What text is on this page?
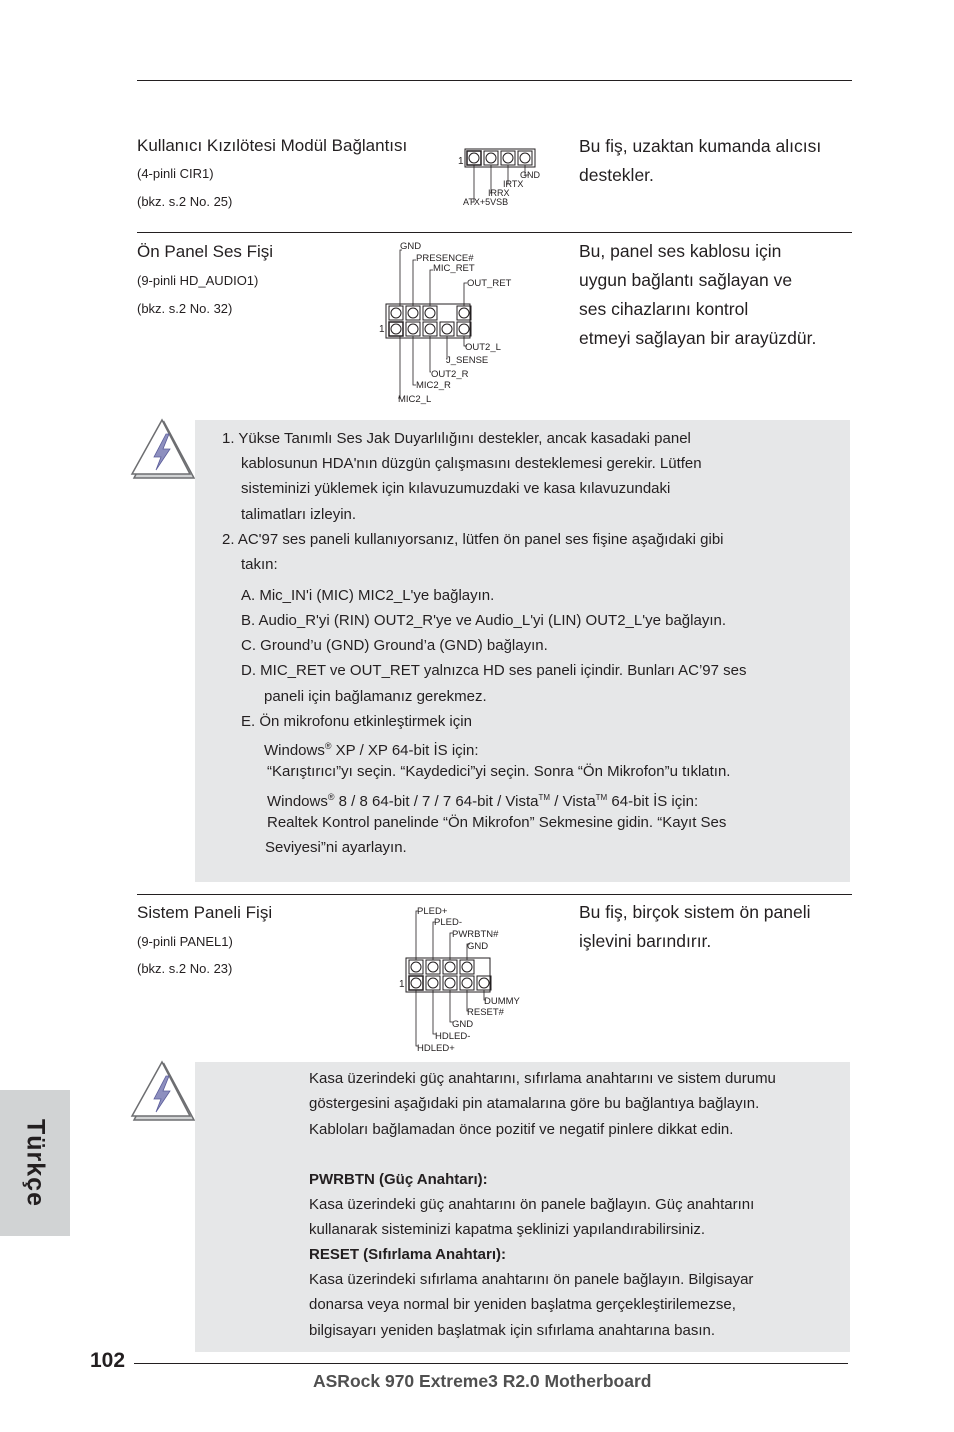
Kullanıcı Kızılötesi Modül Bağlantısı
(4-pinli CIR1)
(bkz. s.2 No. 25)
Bu fiş, uzaktan kumanda alıcısı
destekler.
1
GND
IRTX
IRRX
ATX+5VSB
Ön Panel Ses Fişi
(9-pinli HD_AUDIO1)
(bkz. s.2 No. 32)
Bu, panel ses kablosu için
uygun bağlantı sağlayan ve
ses cihazlarını kontrol
etmeyi sağlayan bir arayüzdür.
1
GND
PRESENCE#
MIC_RET
OUT_RET
OUT2_L
J_SENSE
OUT2_R
MIC2_R
MIC2_L
1. Yükse Tanımlı Ses Jak Duyarlılığını destekler, ancak kasadaki panel
kablosunun HDA'nın düzgün çalışmasını desteklemesi gerekir. Lütfen
sisteminizi yüklemek için kılavuzumuzdaki ve kasa kılavuzundaki
talimatları izleyin.
2. AC'97 ses paneli kullanıyorsanız, lütfen ön panel ses fişine aşağıdaki gibi
takın:
A. Mic_IN'i (MIC) MIC2_L'ye bağlayın.
B. Audio_R'yi (RIN) OUT2_R'ye ve Audio_L'yi (LIN) OUT2_L'ye bağlayın.
C. Ground’u (GND) Ground’a (GND) bağlayın.
D. MIC_RET ve OUT_RET yalnızca HD ses paneli içindir. Bunları AC’97 ses
paneli için bağlamanız gerekmez.
E. Ön mikrofonu etkinleştirmek için
Windows® XP / XP 64-bit İS için:
“Karıştırıcı”yı seçin. “Kaydedici”yi seçin. Sonra “Ön Mikrofon”u tıklatın.
Windows® 8 / 8 64-bit / 7 / 7 64-bit / Vista™ / Vista™ 64-bit İS için:
Realtek Kontrol panelinde “Ön Mikrofon” Sekmesine gidin. “Kayıt Ses
Seviyesi”ni ayarlayın.
Sistem Paneli Fişi
(9-pinli PANEL1)
(bkz. s.2 No. 23)
Bu fiş, birçok sistem ön paneli
işlevini barındırır.
1
PLED+
PLED-
PWRBTN#
GND
DUMMY
RESET#
GND
HDLED-
HDLED+
Kasa üzerindeki güç anahtarını, sıfırlama anahtarını ve sistem durumu
göstergesini aşağıdaki pin atamalarına göre bu bağlantıya bağlayın.
Kabloları bağlamadan önce pozitif ve negatif pinlere dikkat edin.
PWRBTN (Güç Anahtarı):
Kasa üzerindeki güç anahtarını ön panele bağlayın. Güç anahtarını
kullanarak sisteminizi kapatma şeklinizi yapılandırabilirsiniz.
RESET (Sıfırlama Anahtarı):
Kasa üzerindeki sıfırlama anahtarını ön panele bağlayın. Bilgisayar
donarsa veya normal bir yeniden başlatma gerçekleştirilemezse,
bilgisayarı yeniden başlatmak için sıfırlama anahtarına basın.
Türkçe
102
ASRock 970 Extreme3 R2.0 Motherboard
